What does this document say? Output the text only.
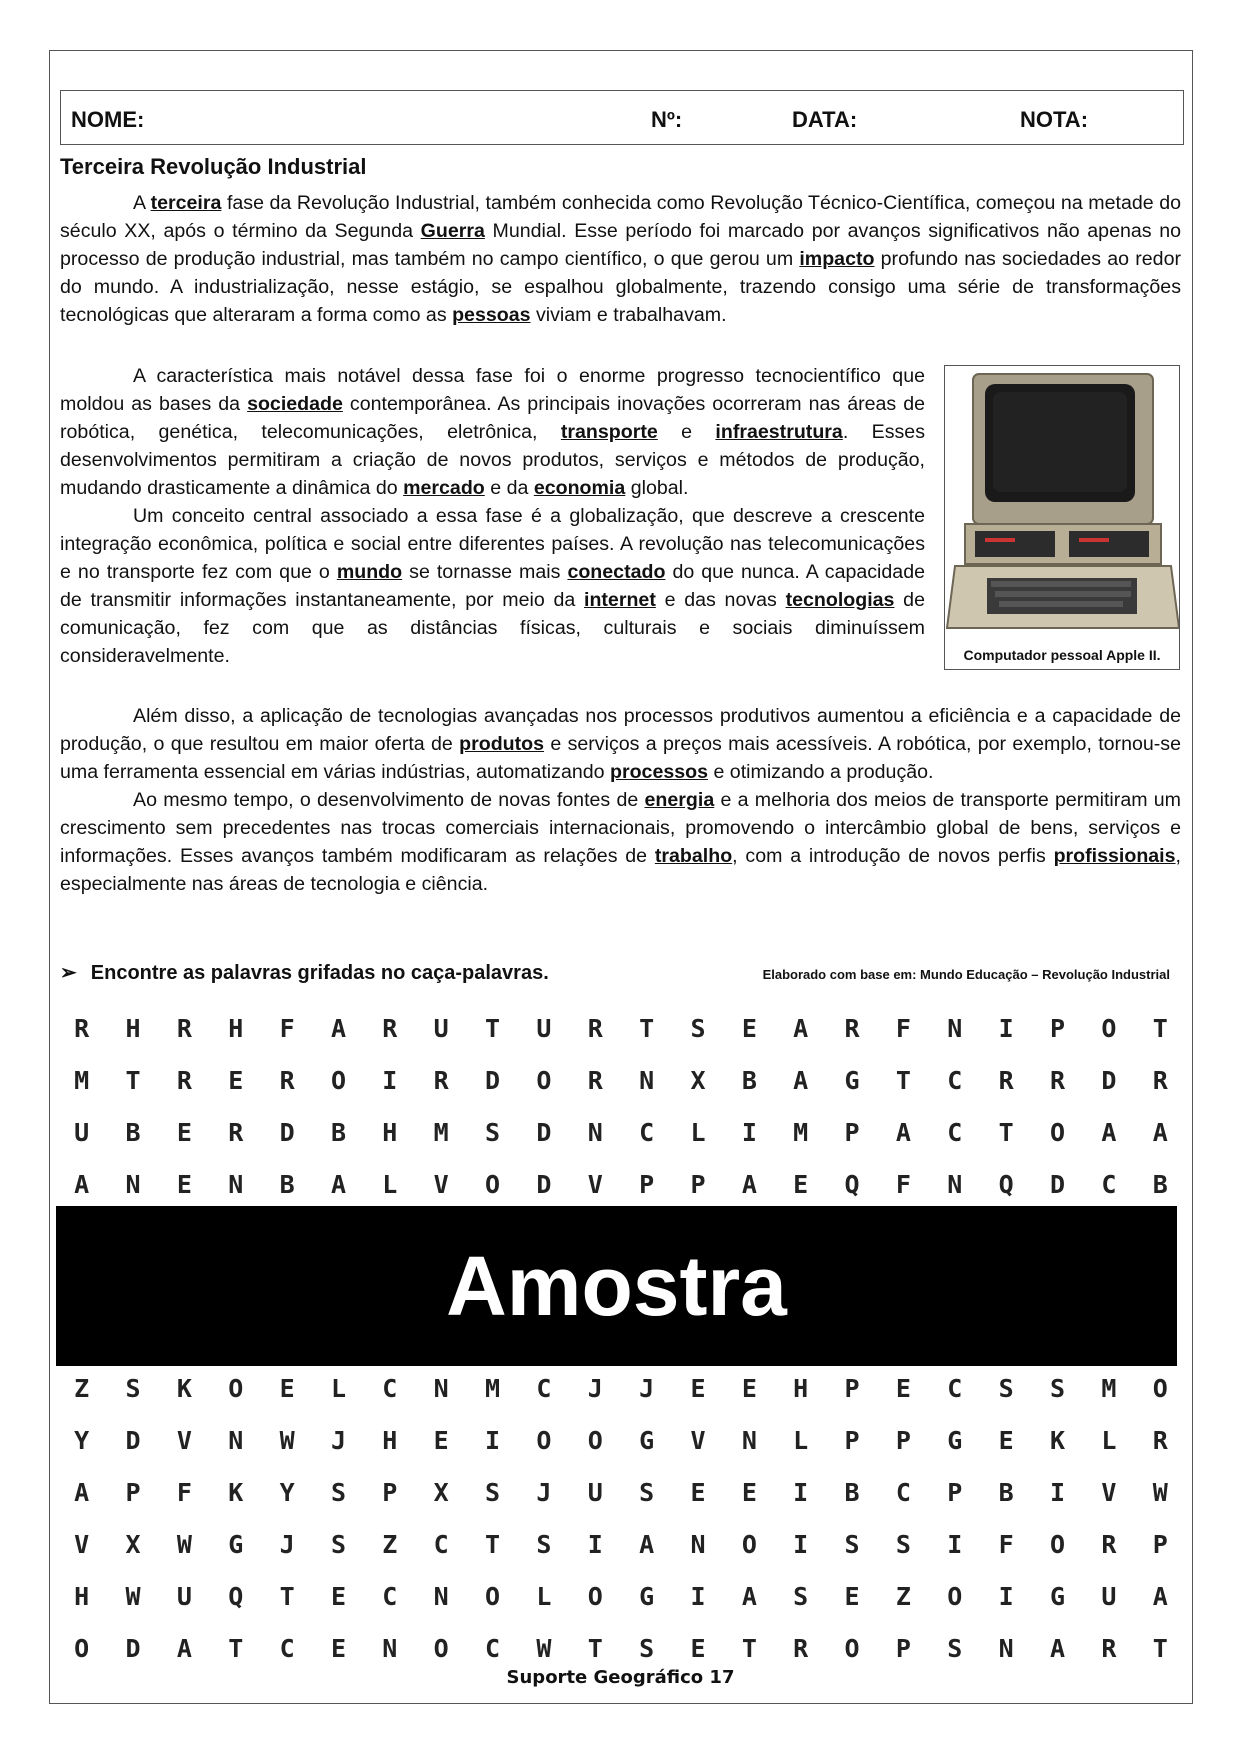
NOME:	Nº:	DATA:	NOTA:
Terceira Revolução Industrial

A terceira fase da Revolução Industrial, também conhecida como Revolução Técnico-Científica, começou na metade do século XX, após o término da Segunda Guerra Mundial. Esse período foi marcado por avanços significativos não apenas no processo de produção industrial, mas também no campo científico, o que gerou um impacto profundo nas sociedades ao redor do mundo. A industrialização, nesse estágio, se espalhou globalmente, trazendo consigo uma série de transformações tecnológicas que alteraram a forma como as pessoas viviam e trabalhavam.

A característica mais notável dessa fase foi o enorme progresso tecnocientífico que moldou as bases da sociedade contemporânea. As principais inovações ocorreram nas áreas de robótica, genética, telecomunicações, eletrônica, transporte e infraestrutura. Esses desenvolvimentos permitiram a criação de novos produtos, serviços e métodos de produção, mudando drasticamente a dinâmica do mercado e da economia global.

Um conceito central associado a essa fase é a globalização, que descreve a crescente integração econômica, política e social entre diferentes países. A revolução nas telecomunicações e no transporte fez com que o mundo se tornasse mais conectado do que nunca. A capacidade de transmitir informações instantaneamente, por meio da internet e das novas tecnologias de comunicação, fez com que as distâncias físicas, culturais e sociais diminuíssem consideravelmente.	Computador pessoal Apple II.

Além disso, a aplicação de tecnologias avançadas nos processos produtivos aumentou a eficiência e a capacidade de produção, o que resultou em maior oferta de produtos e serviços a preços mais acessíveis. A robótica, por exemplo, tornou-se uma ferramenta essencial em várias indústrias, automatizando processos e otimizando a produção.

Ao mesmo tempo, o desenvolvimento de novas fontes de energia e a melhoria dos meios de transporte permitiram um crescimento sem precedentes nas trocas comerciais internacionais, promovendo o intercâmbio global de bens, serviços e informações. Esses avanços também modificaram as relações de trabalho, com a introdução de novos perfis profissionais, especialmente nas áreas de tecnologia e ciência.

➢ Encontre as palavras grifadas no caça-palavras.	Elaborado com base em: Mundo Educação – Revolução Industrial
R	H	R	H	F	A	R	U	T	U	R	T	S	E	A	R	F	N	I	P	O	T
M	T	R	E	R	O	I	R	D	O	R	N	X	B	A	G	T	C	R	R	D	R
U	B	E	R	D	B	H	M	S	D	N	C	L	I	M	P	A	C	T	O	A	A
A	N	E	N	B	A	L	V	O	D	V	P	P	A	E	Q	F	N	Q	D	C	B
Amostra
Z	S	K	O	E	L	C	N	M	C	J	J	E	E	H	P	E	C	S	S	M	O
Y	D	V	N	W	J	H	E	I	O	O	G	V	N	L	P	P	G	E	K	L	R
A	P	F	K	Y	S	P	X	S	J	U	S	E	E	I	B	C	P	B	I	V	W
V	X	W	G	J	S	Z	C	T	S	I	A	N	O	I	S	S	I	F	O	R	P
H	W	U	Q	T	E	C	N	O	L	O	G	I	A	S	E	Z	O	I	G	U	A
O	D	A	T	C	E	N	O	C	W	T	S	E	T	R	O	P	S	N	A	R	T
Suporte Geográfico 17
